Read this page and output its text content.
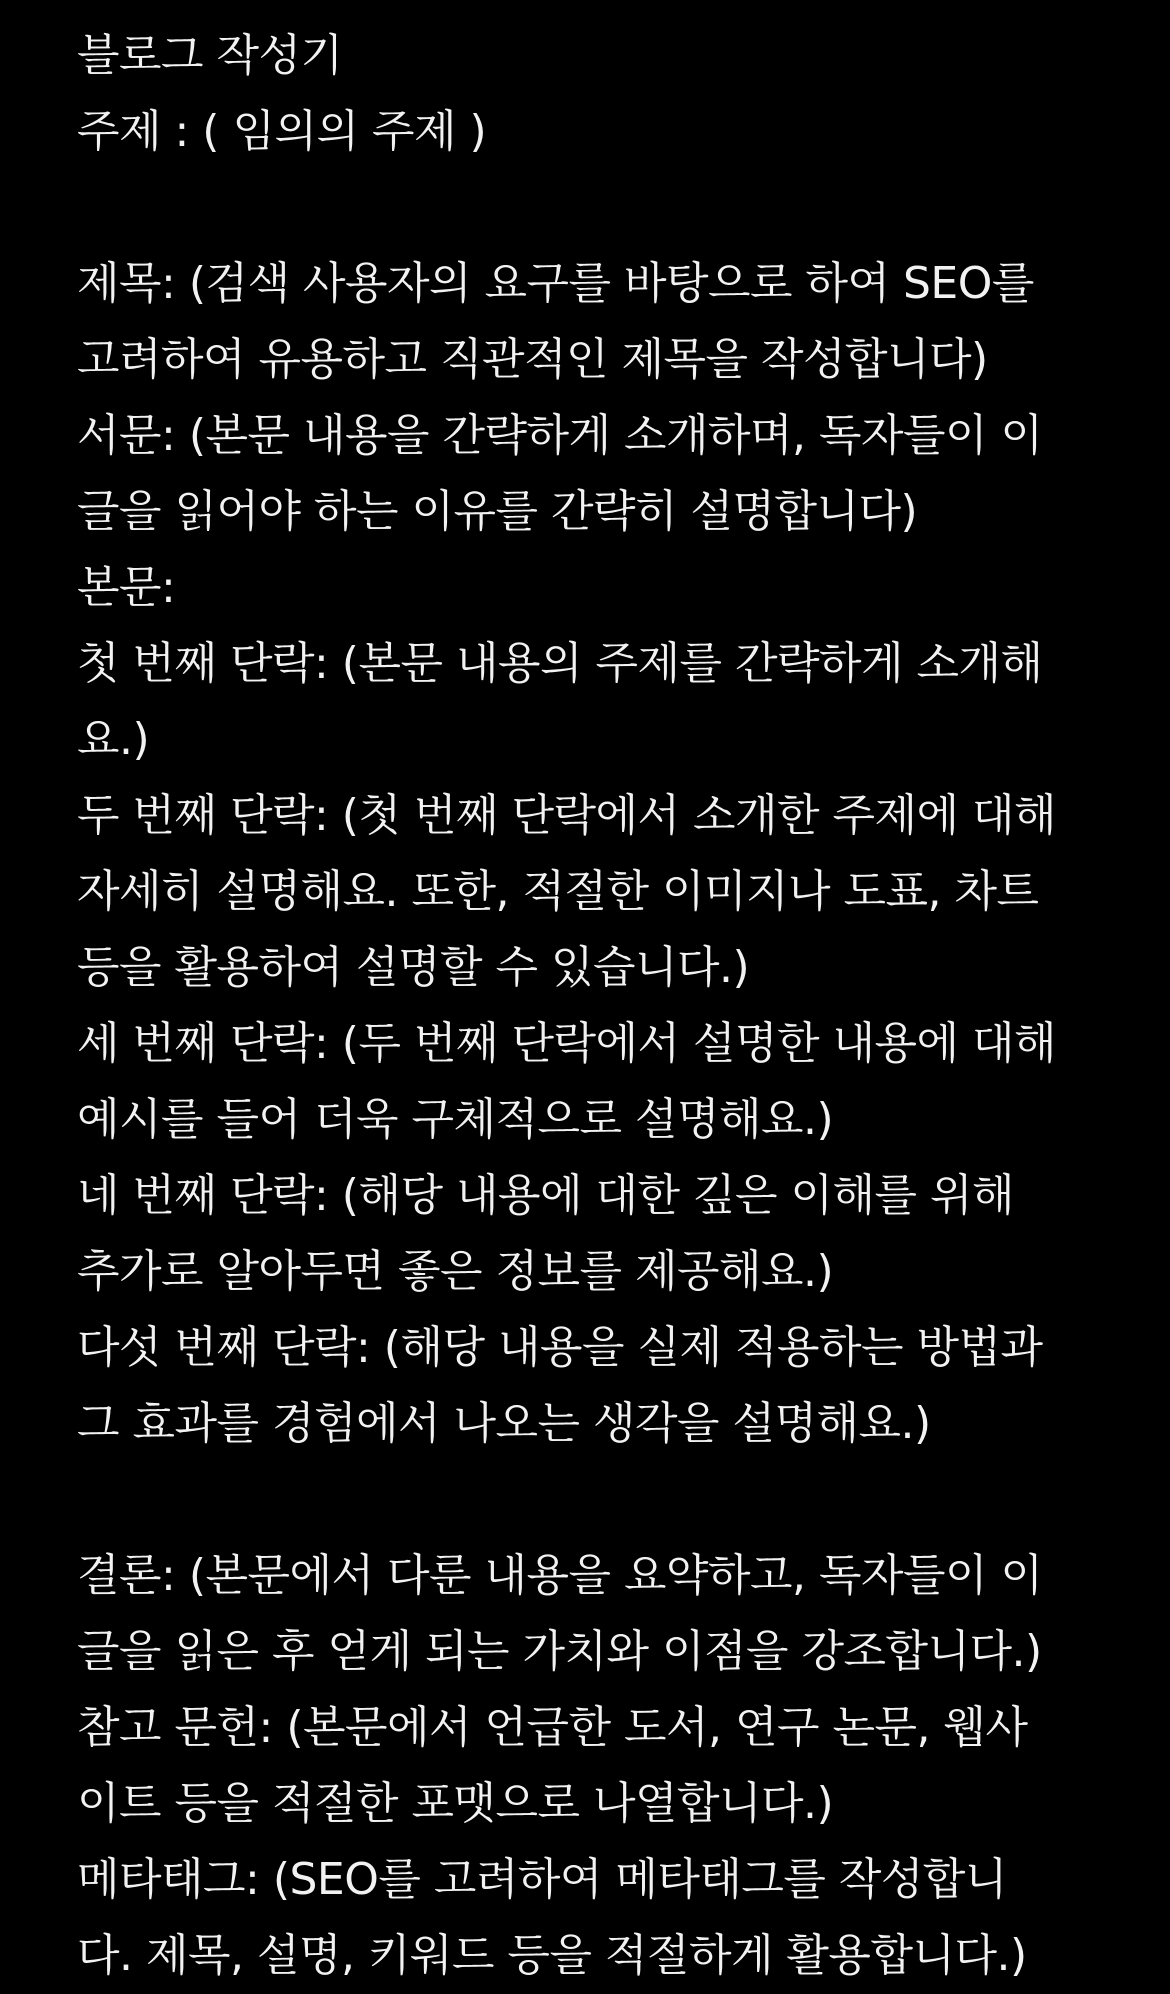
블로그 작성기
주제 : ( 임의의 주제 )
제목: (검색 사용자의 요구를 바탕으로 하여 SEO를
고려하여 유용하고 직관적인 제목을 작성합니다)
서문: (본문 내용을 간략하게 소개하며, 독자들이 이
글을 읽어야 하는 이유를 간략히 설명합니다)
본문:
첫 번째 단락: (본문 내용의 주제를 간략하게 소개해
요.)
두 번째 단락: (첫 번째 단락에서 소개한 주제에 대해
자세히 설명해요. 또한, 적절한 이미지나 도표, 차트
등을 활용하여 설명할 수 있습니다.)
세 번째 단락: (두 번째 단락에서 설명한 내용에 대해
예시를 들어 더욱 구체적으로 설명해요.)
네 번째 단락: (해당 내용에 대한 깊은 이해를 위해
추가로 알아두면 좋은 정보를 제공해요.)
다섯 번째 단락: (해당 내용을 실제 적용하는 방법과
그 효과를 경험에서 나오는 생각을 설명해요.)
결론: (본문에서 다룬 내용을 요약하고, 독자들이 이
글을 읽은 후 얻게 되는 가치와 이점을 강조합니다.)
참고 문헌: (본문에서 언급한 도서, 연구 논문, 웹사
이트 등을 적절한 포맷으로 나열합니다.)
메타태그: (SEO를 고려하여 메타태그를 작성합니
다. 제목, 설명, 키워드 등을 적절하게 활용합니다.)
